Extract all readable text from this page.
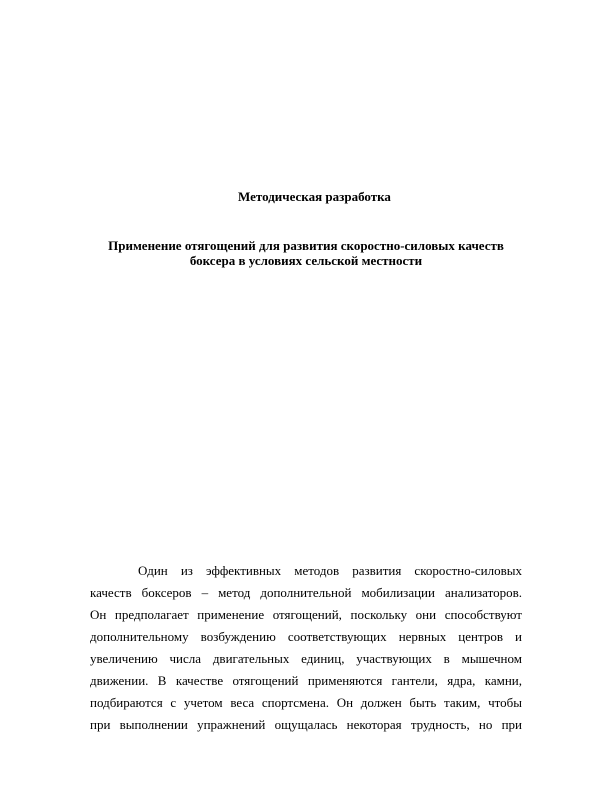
Методическая разработка
Применение отягощений для развития скоростно-силовых качеств
боксера в условиях сельской местности
Один из эффективных методов развития скоростно-силовых
качеств боксеров – метод дополнительной мобилизации анализаторов.
Он предполагает применение отягощений, поскольку они способствуют
дополнительному возбуждению соответствующих нервных центров и
увеличению числа двигательных единиц, участвующих в мышечном
движении. В качестве отягощений применяются гантели, ядра, камни,
подбираются с учетом веса спортсмена. Он должен быть таким, чтобы
при выполнении упражнений ощущалась некоторая трудность, но при
